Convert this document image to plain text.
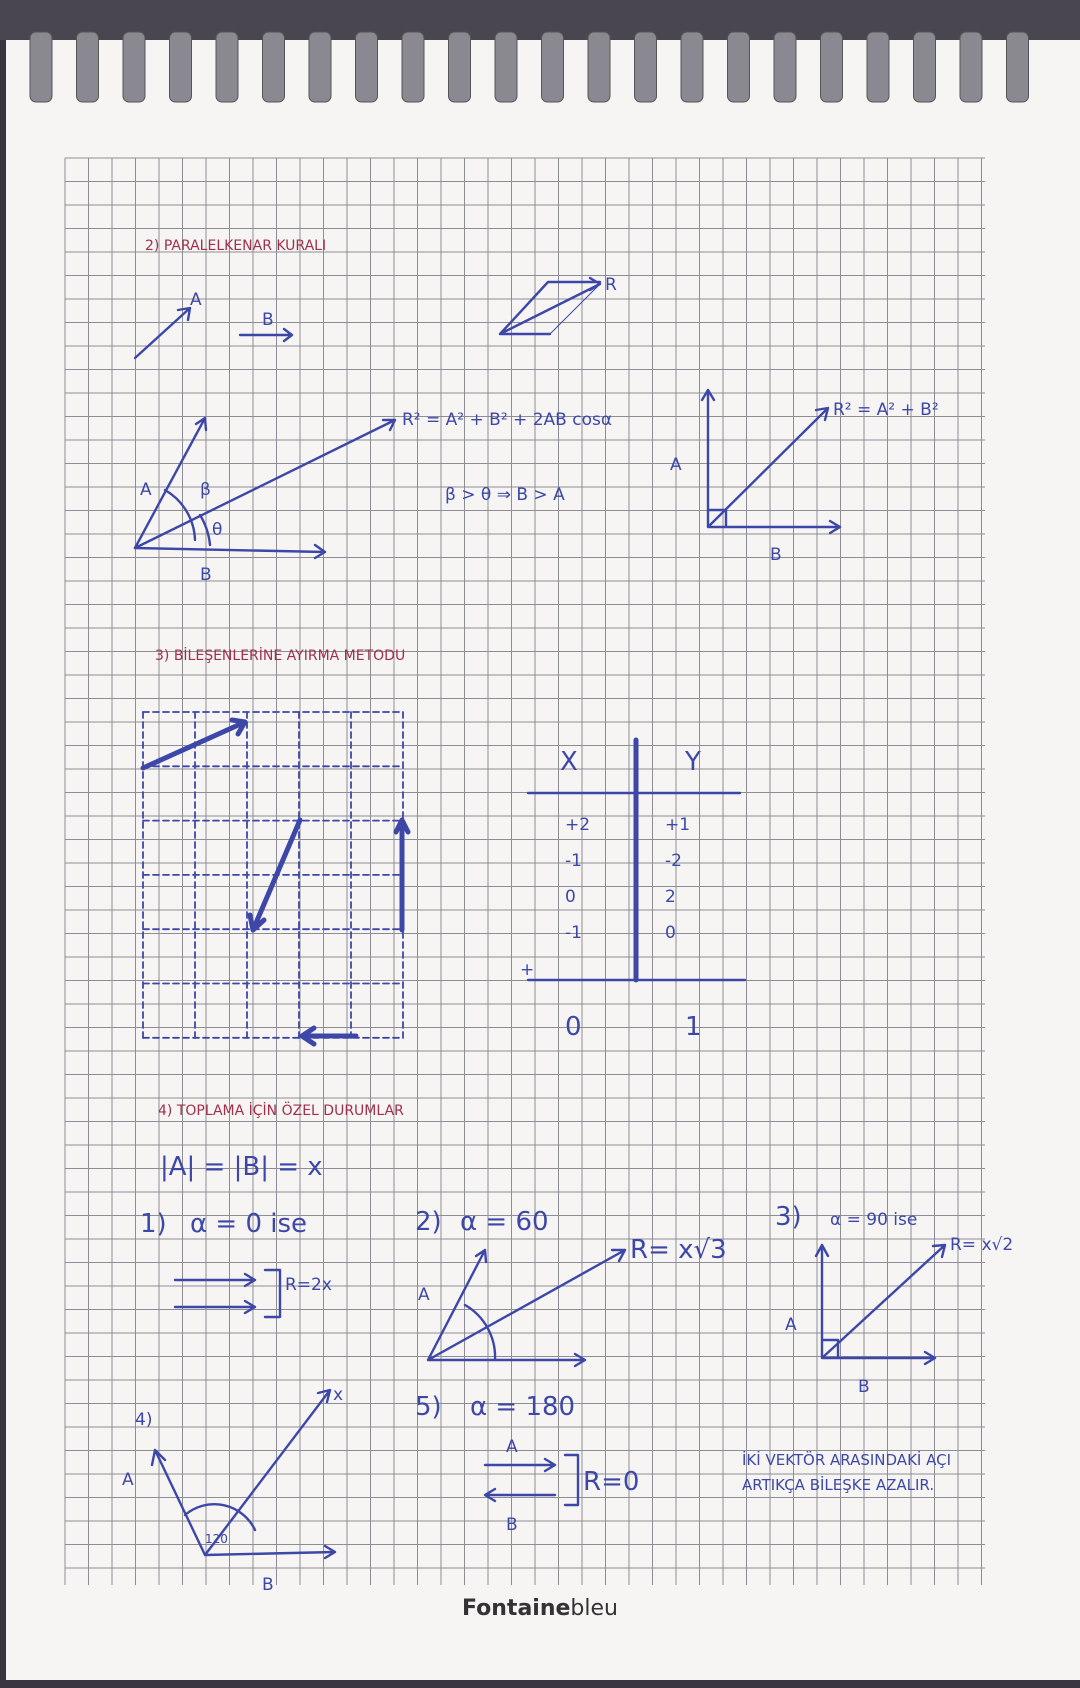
2) PARALELKENAR KURALI
A
B
R
A	β
θ
B
R² = A² + B² + 2AB cosα
β > θ ⇒ B > A
A
B
R² = A² + B²
3) BİLEŞENLERİNE AYIRMA METODU
X	Y
+2	+1
-1	-2
0	2
-1	0
+
0	1
4) TOPLAMA İÇİN ÖZEL DURUMLAR
|A| = |B| = x
1) α = 0 ise
R=2x
2) α = 60
A
R= x√3
3) α = 90 ise
A
B
R= x√2
4)
A
120
x
B
5) α = 180
A
B
R=0
İKİ VEKTÖR ARASINDAKİ AÇI
ARTIKÇA BİLEŞKE AZALIR.
Fontainebleu
